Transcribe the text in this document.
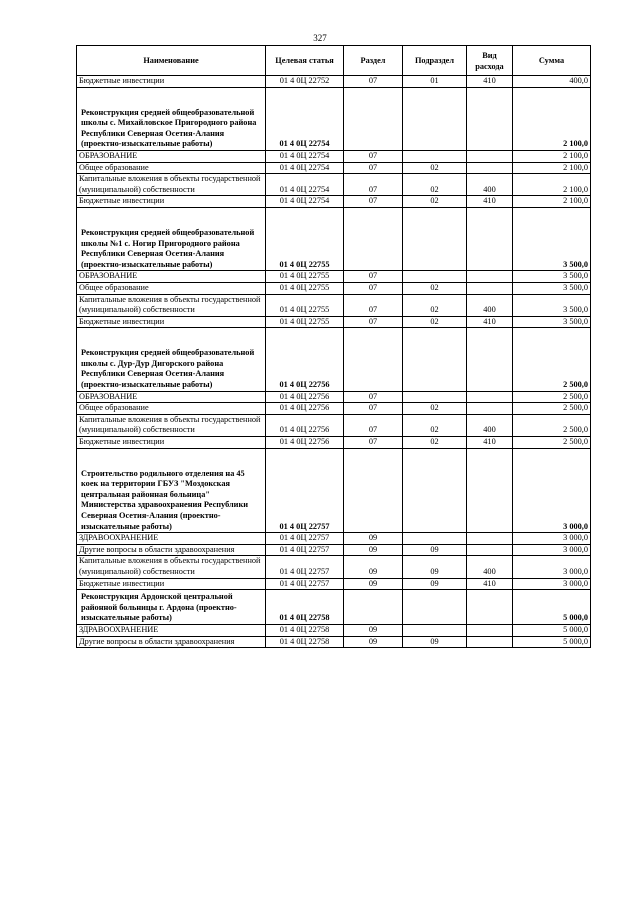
327
Наименование	Целевая статья	Раздел	Подраздел	Вид расхода	Сумма
Бюджетные инвестиции	01 4 0Ц 22752	07	01	410	400,0
Реконструкция средней общеобразовательной школы с. Михайловское Пригородного района Республики Северная Осетия-Алания (проектно-изыскательные работы)	01 4 0Ц 22754				2 100,0
ОБРАЗОВАНИЕ	01 4 0Ц 22754	07			2 100,0
Общее образование	01 4 0Ц 22754	07	02		2 100,0
Капитальные вложения в объекты государственной (муниципальной) собственности	01 4 0Ц 22754	07	02	400	2 100,0
Бюджетные инвестиции	01 4 0Ц 22754	07	02	410	2 100,0
Реконструкция средней общеобразовательной школы №1 с. Ногир Пригородного района Республики Северная Осетия-Алания (проектно-изыскательные работы)	01 4 0Ц 22755				3 500,0
ОБРАЗОВАНИЕ	01 4 0Ц 22755	07			3 500,0
Общее образование	01 4 0Ц 22755	07	02		3 500,0
Капитальные вложения в объекты государственной (муниципальной) собственности	01 4 0Ц 22755	07	02	400	3 500,0
Бюджетные инвестиции	01 4 0Ц 22755	07	02	410	3 500,0
Реконструкция средней общеобразовательной школы с. Дур-Дур Дигорского района Республики Северная Осетия-Алания (проектно-изыскательные работы)	01 4 0Ц 22756				2 500,0
ОБРАЗОВАНИЕ	01 4 0Ц 22756	07			2 500,0
Общее образование	01 4 0Ц 22756	07	02		2 500,0
Капитальные вложения в объекты государственной (муниципальной) собственности	01 4 0Ц 22756	07	02	400	2 500,0
Бюджетные инвестиции	01 4 0Ц 22756	07	02	410	2 500,0
Строительство родильного отделения на 45 коек на территории ГБУЗ "Моздокская центральная районная больница" Министерства здравоохранения Республики Северная Осетия-Алания (проектно-изыскательные работы)	01 4 0Ц 22757				3 000,0
ЗДРАВООХРАНЕНИЕ	01 4 0Ц 22757	09			3 000,0
Другие вопросы в области здравоохранения	01 4 0Ц 22757	09	09		3 000,0
Капитальные вложения в объекты государственной (муниципальной) собственности	01 4 0Ц 22757	09	09	400	3 000,0
Бюджетные инвестиции	01 4 0Ц 22757	09	09	410	3 000,0
Реконструкция Ардонской центральной районной больницы г. Ардона (проектно-изыскательные работы)	01 4 0Ц 22758				5 000,0
ЗДРАВООХРАНЕНИЕ	01 4 0Ц 22758	09			5 000,0
Другие вопросы в области здравоохранения	01 4 0Ц 22758	09	09		5 000,0
